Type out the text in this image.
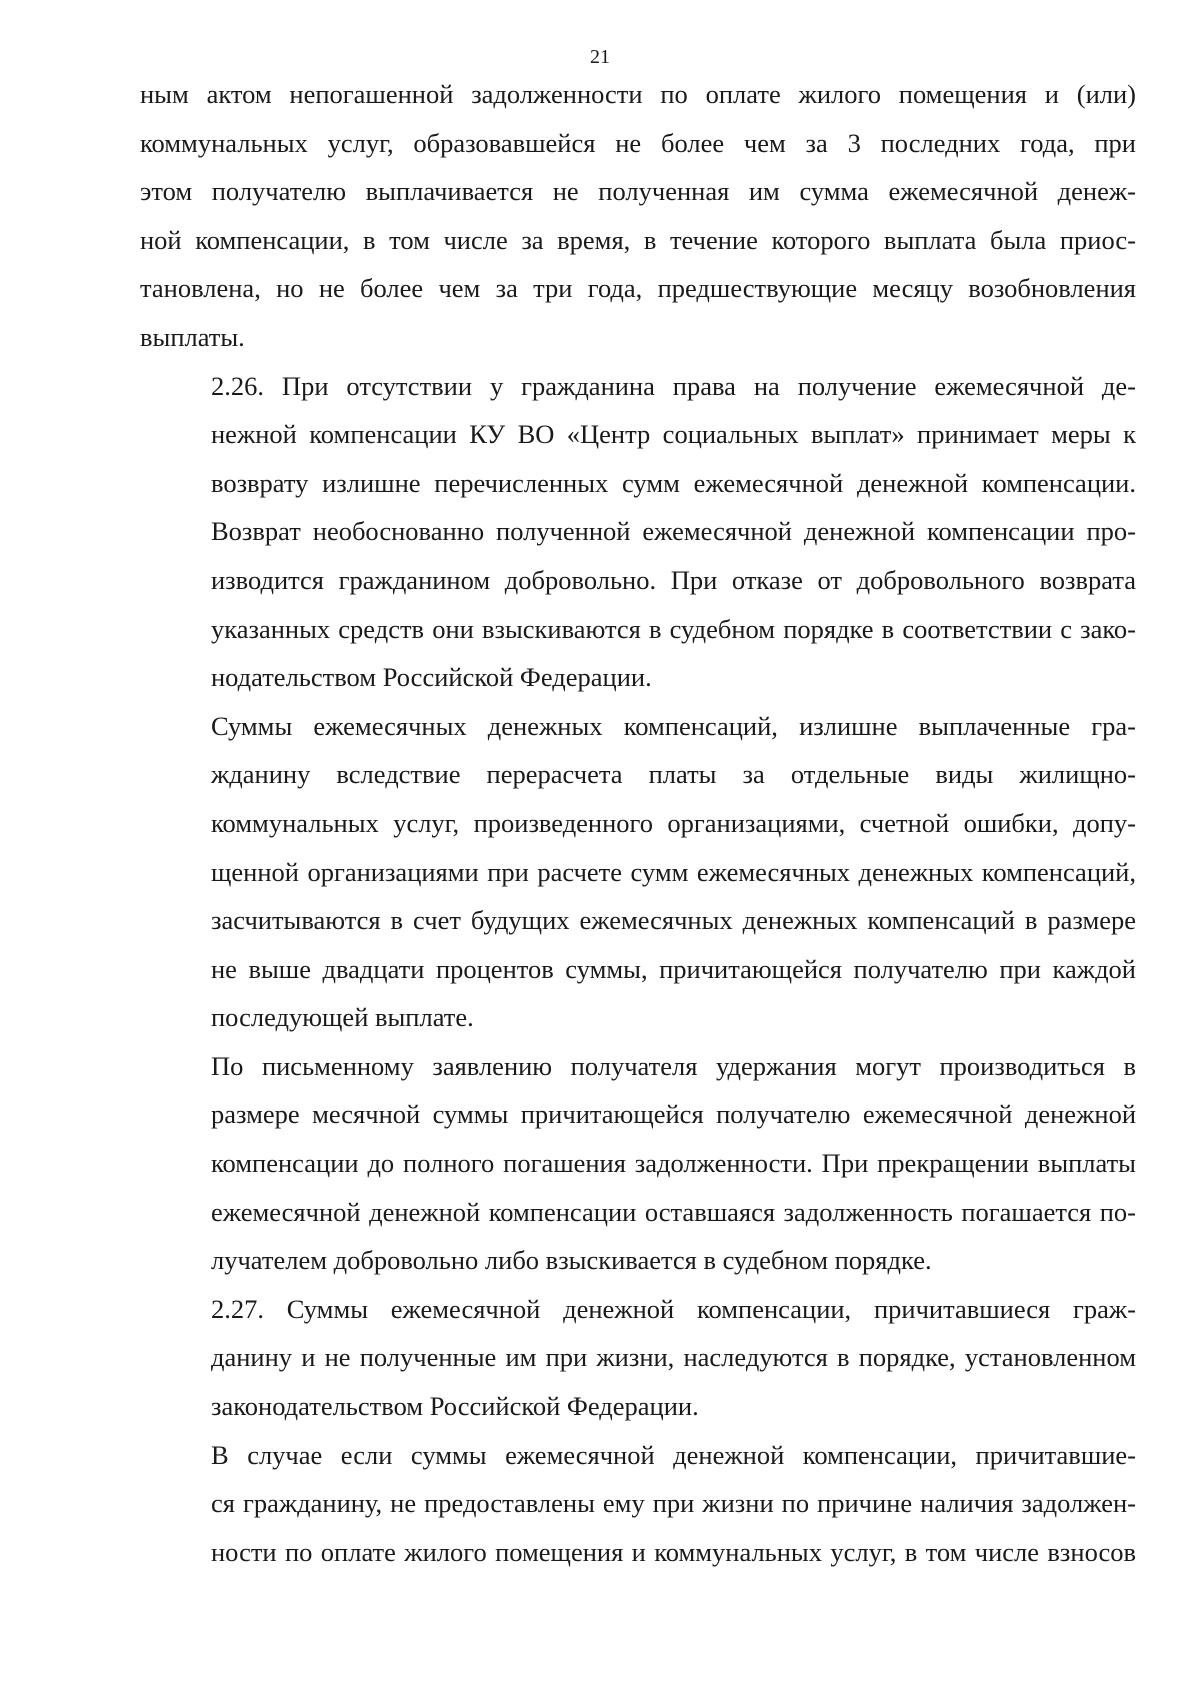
21

ным актом непогашенной задолженности по оплате жилого помещения и (или)
коммунальных услуг, образовавшейся не более чем за 3 последних года, при
этом получателю выплачивается не полученная им сумма ежемесячной денеж-
ной компенсации, в том числе за время, в течение которого выплата была приос-
тановлена, но не более чем за три года, предшествующие месяцу возобновления
выплаты.

2.26. При отсутствии у гражданина права на получение ежемесячной де-
нежной компенсации КУ ВО «Центр социальных выплат» принимает меры к
возврату излишне перечисленных сумм ежемесячной денежной компенсации.
Возврат необоснованно полученной ежемесячной денежной компенсации про-
изводится гражданином добровольно. При отказе от добровольного возврата
указанных средств они взыскиваются в судебном порядке в соответствии с зако-
нодательством Российской Федерации.

Суммы ежемесячных денежных компенсаций, излишне выплаченные гра-
жданину вследствие перерасчета платы за отдельные виды жилищно-
коммунальных услуг, произведенного организациями, счетной ошибки, допу-
щенной организациями при расчете сумм ежемесячных денежных компенсаций,
засчитываются в счет будущих ежемесячных денежных компенсаций в размере
не выше двадцати процентов суммы, причитающейся получателю при каждой
последующей выплате.

По письменному заявлению получателя удержания могут производиться в
размере месячной суммы причитающейся получателю ежемесячной денежной
компенсации до полного погашения задолженности. При прекращении выплаты
ежемесячной денежной компенсации оставшаяся задолженность погашается по-
лучателем добровольно либо взыскивается в судебном порядке.

2.27. Суммы ежемесячной денежной компенсации, причитавшиеся граж-
данину и не полученные им при жизни, наследуются в порядке, установленном
законодательством Российской Федерации.

В случае если суммы ежемесячной денежной компенсации, причитавшие-
ся гражданину, не предоставлены ему при жизни по причине наличия задолжен-
ности по оплате жилого помещения и коммунальных услуг, в том числе взносов
